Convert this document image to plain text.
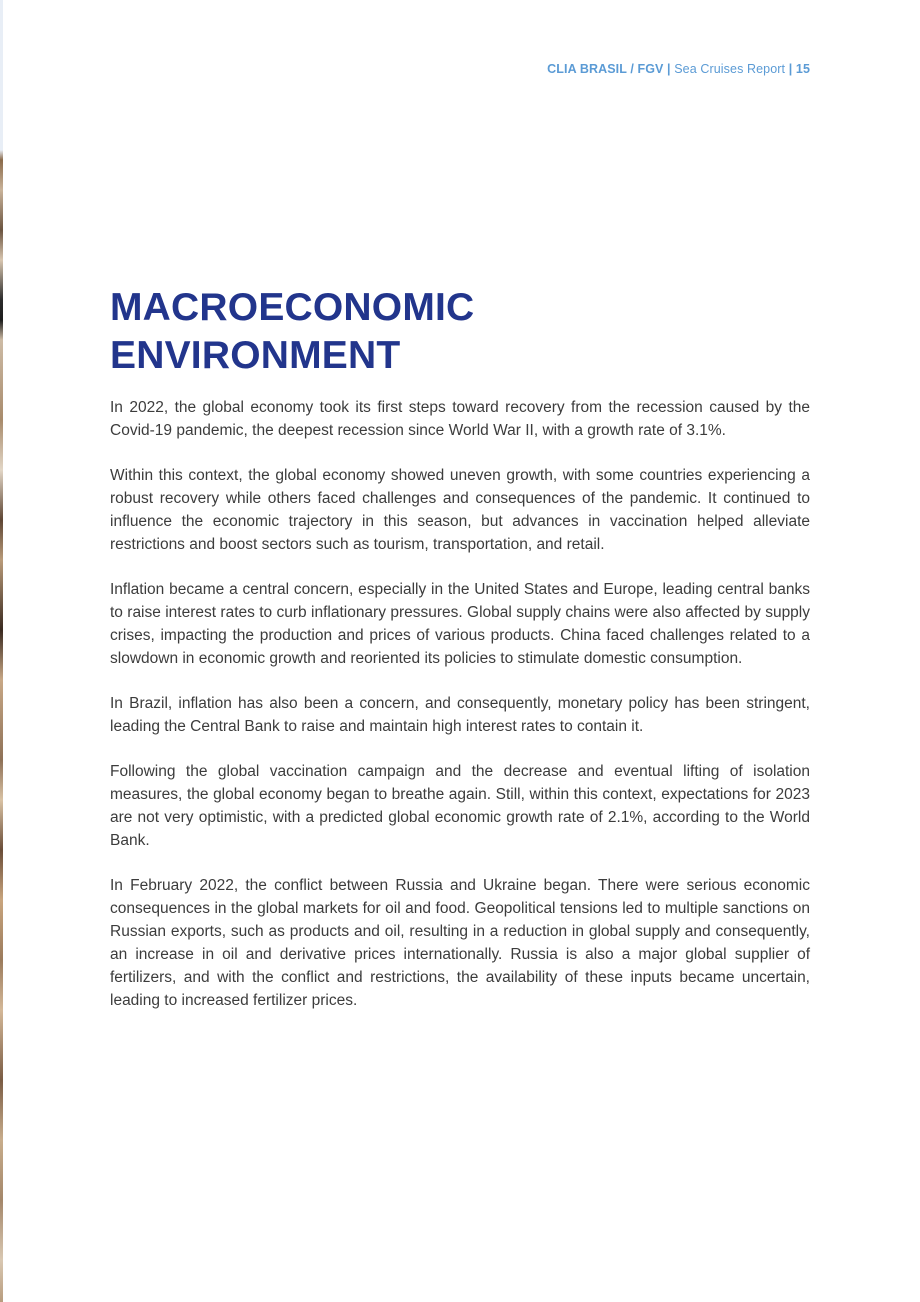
CLIA BRASIL / FGV | Sea Cruises Report | 15
MACROECONOMIC
ENVIRONMENT

In 2022, the global economy took its first steps toward recovery from the recession caused by the Covid-19 pandemic, the deepest recession since World War II, with a growth rate of 3.1%.

Within this context, the global economy showed uneven growth, with some countries experiencing a robust recovery while others faced challenges and consequences of the pandemic. It continued to influence the economic trajectory in this season, but advances in vaccination helped alleviate restrictions and boost sectors such as tourism, transportation, and retail.

Inflation became a central concern, especially in the United States and Europe, leading central banks to raise interest rates to curb inflationary pressures. Global supply chains were also affected by supply crises, impacting the production and prices of various products. China faced challenges related to a slowdown in economic growth and reoriented its policies to stimulate domestic consumption.

In Brazil, inflation has also been a concern, and consequently, monetary policy has been stringent, leading the Central Bank to raise and maintain high interest rates to contain it.

Following the global vaccination campaign and the decrease and eventual lifting of isolation measures, the global economy began to breathe again. Still, within this context, expectations for 2023 are not very optimistic, with a predicted global economic growth rate of 2.1%, according to the World Bank.

In February 2022, the conflict between Russia and Ukraine began. There were serious economic consequences in the global markets for oil and food. Geopolitical tensions led to multiple sanctions on Russian exports, such as products and oil, resulting in a reduction in global supply and consequently, an increase in oil and derivative prices internationally. Russia is also a major global supplier of fertilizers, and with the conflict and restrictions, the availability of these inputs became uncertain, leading to increased fertilizer prices.
